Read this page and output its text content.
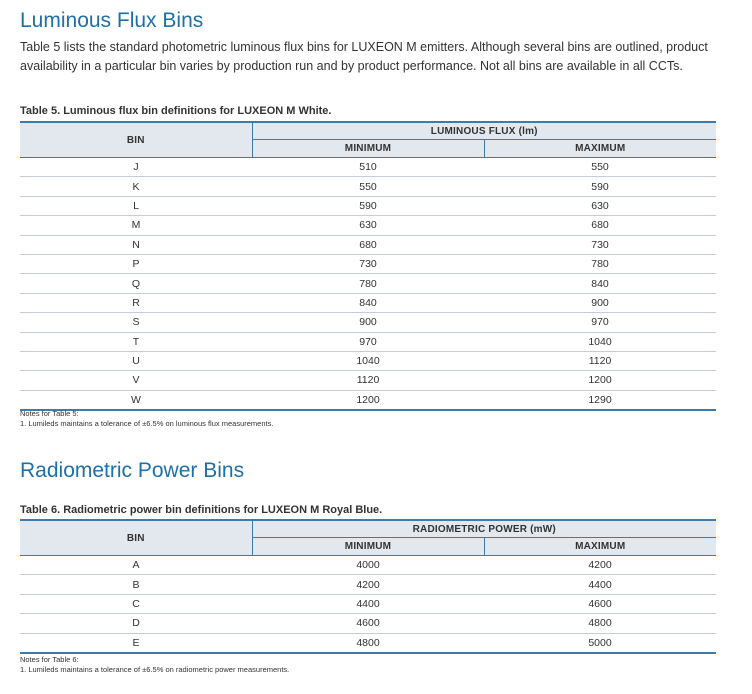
Luminous Flux Bins

Table 5 lists the standard photometric luminous flux bins for LUXEON M emitters. Although several bins are outlined, product availability in a particular bin varies by production run and by product performance. Not all bins are available in all CCTs.

Table 5. Luminous flux bin definitions for LUXEON M White.
BIN	LUMINOUS FLUX (lm)	
	MINIMUM	MAXIMUM
J	510	550
K	550	590
L	590	630
M	630	680
N	680	730
P	730	780
Q	780	840
R	840	900
S	900	970
T	970	1040
U	1040	1120
V	1120	1200
W	1200	1290
Notes for Table 5:
1. Lumileds maintains a tolerance of ±6.5% on luminous flux measurements.
Radiometric Power Bins
Table 6. Radiometric power bin definitions for LUXEON M Royal Blue.
BIN	RADIOMETRIC POWER (mW)	
	MINIMUM	MAXIMUM
A	4000	4200
B	4200	4400
C	4400	4600
D	4600	4800
E	4800	5000
Notes for Table 6:
1. Lumileds maintains a tolerance of ±6.5% on radiometric power measurements.
